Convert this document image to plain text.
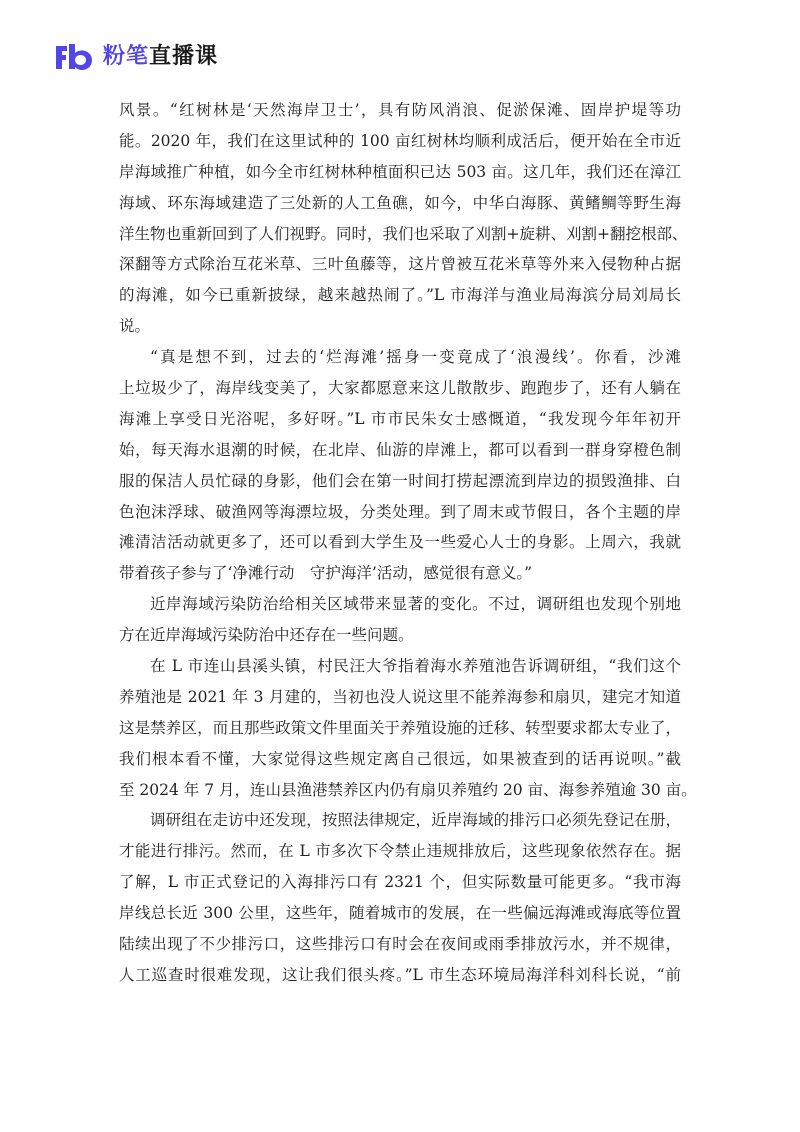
粉笔直播课
风景。“红树林是‘天然海岸卫士’，具有防风消浪、促淤保滩、固岸护堤等功
能。2020 年，我们在这里试种的 100 亩红树林均顺利成活后，便开始在全市近
岸海域推广种植，如今全市红树林种植面积已达 503 亩。这几年，我们还在漳江
海域、环东海域建造了三处新的人工鱼礁，如今，中华白海豚、黄鳍鲷等野生海
洋生物也重新回到了人们视野。同时，我们也采取了刈割+旋耕、刈割+翻挖根部、
深翻等方式除治互花米草、三叶鱼藤等，这片曾被互花米草等外来入侵物种占据
的海滩，如今已重新披绿，越来越热闹了。”L 市海洋与渔业局海滨分局刘局长
说。
“真是想不到，过去的‘烂海滩’摇身一变竟成了‘浪漫线’。你看，沙滩
上垃圾少了，海岸线变美了，大家都愿意来这儿散散步、跑跑步了，还有人躺在
海滩上享受日光浴呢，多好呀。”L 市市民朱女士感慨道，“我发现今年年初开
始，每天海水退潮的时候，在北岸、仙游的岸滩上，都可以看到一群身穿橙色制
服的保洁人员忙碌的身影，他们会在第一时间打捞起漂流到岸边的损毁渔排、白
色泡沫浮球、破渔网等海漂垃圾，分类处理。到了周末或节假日，各个主题的岸
滩清洁活动就更多了，还可以看到大学生及一些爱心人士的身影。上周六，我就
带着孩子参与了‘净滩行动　守护海洋’活动，感觉很有意义。”
近岸海域污染防治给相关区域带来显著的变化。不过，调研组也发现个别地
方在近岸海域污染防治中还存在一些问题。
在 L 市连山县溪头镇，村民汪大爷指着海水养殖池告诉调研组，“我们这个
养殖池是 2021 年 3 月建的，当初也没人说这里不能养海参和扇贝，建完才知道
这是禁养区，而且那些政策文件里面关于养殖设施的迁移、转型要求都太专业了，
我们根本看不懂，大家觉得这些规定离自己很远，如果被查到的话再说呗。”截
至 2024 年 7 月，连山县渔港禁养区内仍有扇贝养殖约 20 亩、海参养殖逾 30 亩。
调研组在走访中还发现，按照法律规定，近岸海域的排污口必须先登记在册，
才能进行排污。然而，在 L 市多次下令禁止违规排放后，这些现象依然存在。据
了解，L 市正式登记的入海排污口有 2321 个，但实际数量可能更多。“我市海
岸线总长近 300 公里，这些年，随着城市的发展，在一些偏远海滩或海底等位置
陆续出现了不少排污口，这些排污口有时会在夜间或雨季排放污水，并不规律，
人工巡查时很难发现，这让我们很头疼。”L 市生态环境局海洋科刘科长说，“前
